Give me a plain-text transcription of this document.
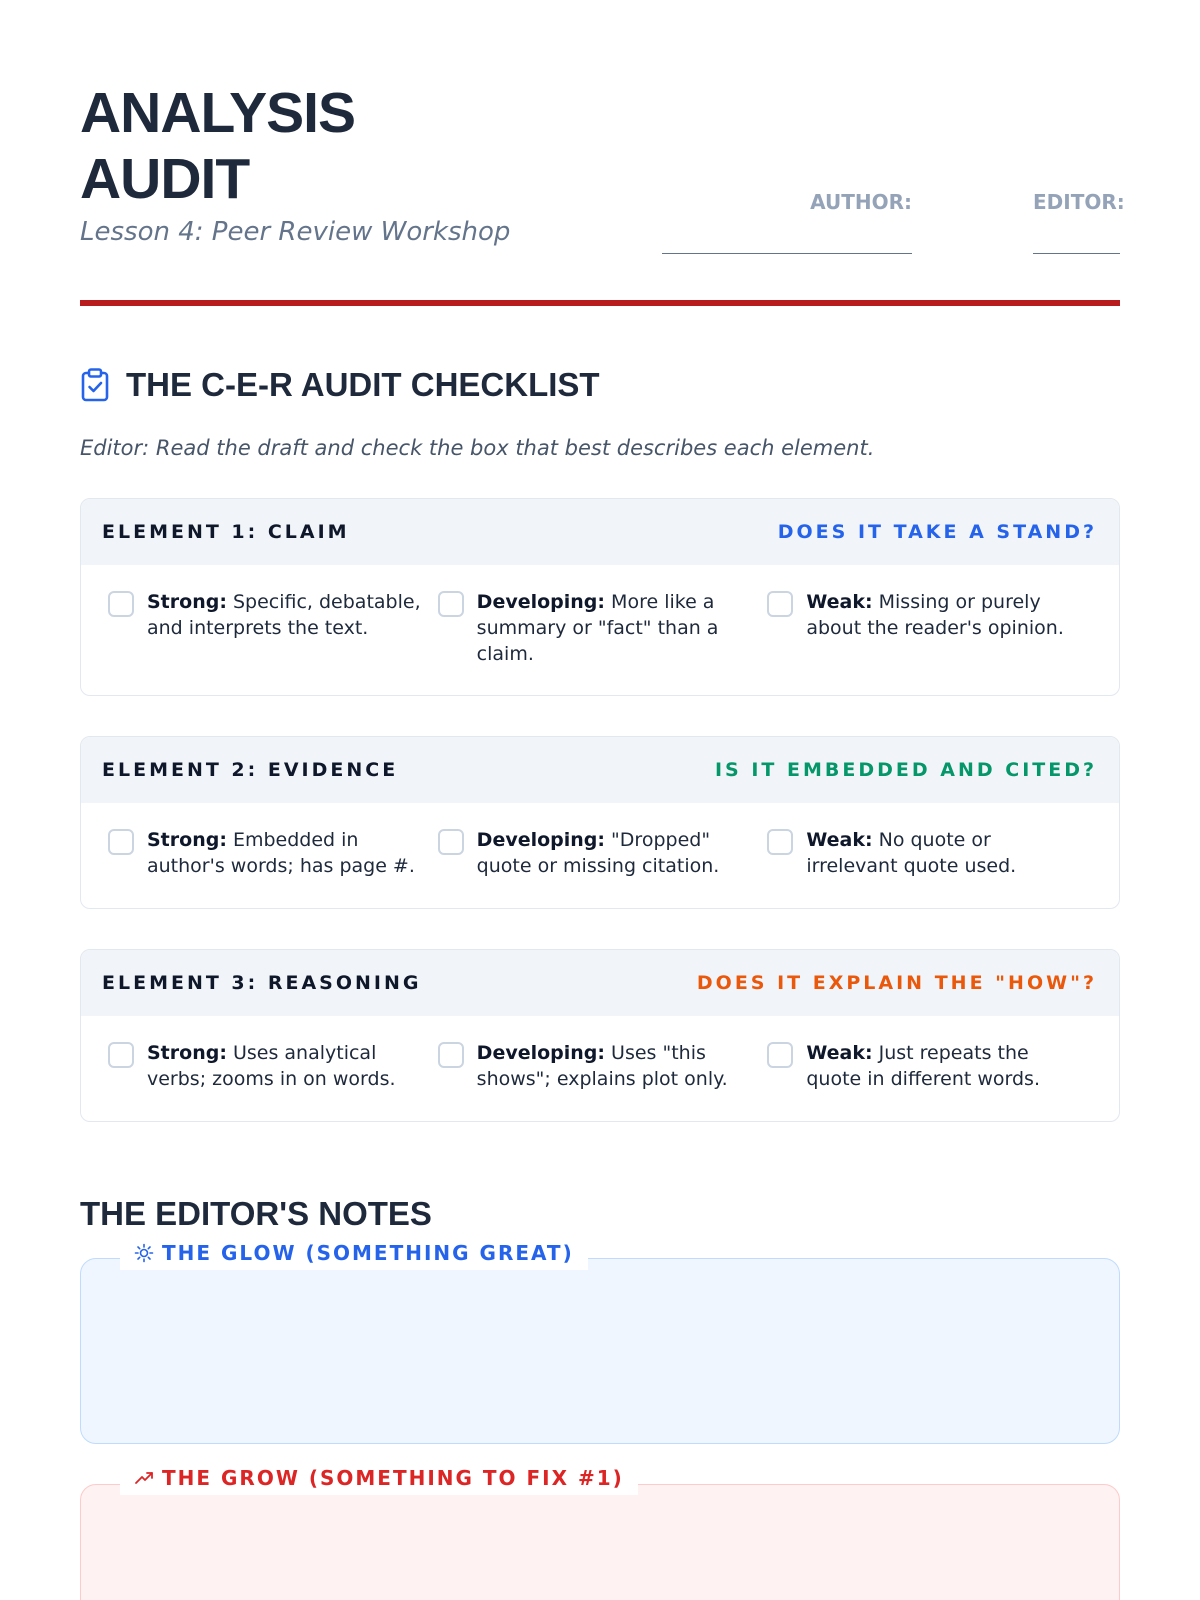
ANALYSIS
AUDIT
Lesson 4: Peer Review Workshop
AUTHOR:	EDITOR:
THE C-E-R AUDIT CHECKLIST
Editor: Read the draft and check the box that best describes each element.
ELEMENT 1: CLAIM	DOES IT TAKE A STAND?
Strong: Specific, debatable, and interprets the text.
Developing: More like a summary or "fact" than a claim.
Weak: Missing or purely about the reader's opinion.
ELEMENT 2: EVIDENCE	IS IT EMBEDDED AND CITED?
Strong: Embedded in author's words; has page #.
Developing: "Dropped" quote or missing citation.
Weak: No quote or irrelevant quote used.
ELEMENT 3: REASONING	DOES IT EXPLAIN THE "HOW"?
Strong: Uses analytical verbs; zooms in on words.
Developing: Uses "this shows"; explains plot only.
Weak: Just repeats the quote in different words.
THE EDITOR'S NOTES
THE GLOW (SOMETHING GREAT)
THE GROW (SOMETHING TO FIX #1)
